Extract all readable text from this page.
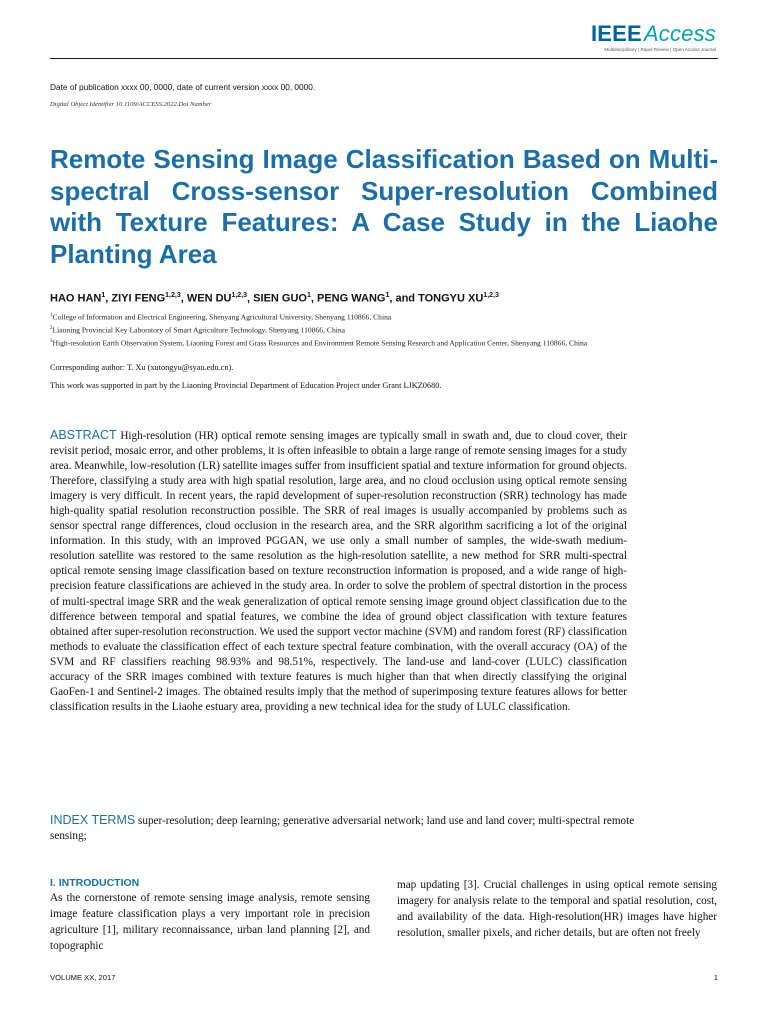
IEEEAccess
Multidisciplinary | Rapid Review | Open Access Journal
Date of publication xxxx 00, 0000, date of current version xxxx 00, 0000.
Digital Object Identifier 10.1109/ACCESS.2022.Doi Number
Remote Sensing Image Classification Based on Multi-spectral Cross-sensor Super-resolution Combined with Texture Features: A Case Study in the Liaohe Planting Area
HAO HAN$^1$, ZIYI FENG$^{1,2,3}$, WEN DU$^{1,2,3}$, SIEN GUO$^1$, PENG WANG$^1$, and TONGYU XU$^{1,2,3}$

$^1$College of Information and Electrical Engineering, Shenyang Agricultural University, Shenyang 110866, China

$^2$Liaoning Provincial Key Laboratory of Smart Agriculture Technology, Shenyang 110866, China

$^3$High-resolution Earth Observation System, Liaoning Forest and Grass Resources and Environment Remote Sensing Research and Application Center, Shenyang 110866, China

Corresponding author: T. Xu (xutongyu@syau.edu.cn).
This work was supported in part by the Liaoning Provincial Department of Education Project under Grant LJKZ0680.

ABSTRACT High-resolution (HR) optical remote sensing images are typically small in swath and, due to cloud cover, their revisit period, mosaic error, and other problems, it is often infeasible to obtain a large range of remote sensing images for a study area. Meanwhile, low-resolution (LR) satellite images suffer from insufficient spatial and texture information for ground objects. Therefore, classifying a study area with high spatial resolution, large area, and no cloud occlusion using optical remote sensing imagery is very difficult. In recent years, the rapid development of super-resolution reconstruction (SRR) technology has made high-quality spatial resolution reconstruction possible. The SRR of real images is usually accompanied by problems such as sensor spectral range differences, cloud occlusion in the research area, and the SRR algorithm sacrificing a lot of the original information. In this study, with an improved PGGAN, we use only a small number of samples, the wide-swath medium-resolution satellite was restored to the same resolution as the high-resolution satellite, a new method for SRR multi-spectral optical remote sensing image classification based on texture reconstruction information is proposed, and a wide range of high-precision feature classifications are achieved in the study area. In order to solve the problem of spectral distortion in the process of multi-spectral image SRR and the weak generalization of optical remote sensing image ground object classification due to the difference between temporal and spatial features, we combine the idea of ground object classification with texture features obtained after super-resolution reconstruction. We used the support vector machine (SVM) and random forest (RF) classification methods to evaluate the classification effect of each texture spectral feature combination, with the overall accuracy (OA) of the SVM and RF classifiers reaching 98.93% and 98.51%, respectively. The land-use and land-cover (LULC) classification accuracy of the SRR images combined with texture features is much higher than that when directly classifying the original GaoFen-1 and Sentinel-2 images. The obtained results imply that the method of superimposing texture features allows for better classification results in the Liaohe estuary area, providing a new technical idea for the study of LULC classification.

INDEX TERMS super-resolution; deep learning; generative adversarial network; land use and land cover; multi-spectral remote sensing;

I. INTRODUCTION

As the cornerstone of remote sensing image analysis, remote sensing image feature classification plays a very important role in precision agriculture [1], military reconnaissance, urban land planning [2], and topographic

map updating [3]. Crucial challenges in using optical remote sensing imagery for analysis relate to the temporal and spatial resolution, cost, and availability of the data. High-resolution(HR) images have higher resolution, smaller pixels, and richer details, but are often not freely

VOLUME XX, 2017	1
